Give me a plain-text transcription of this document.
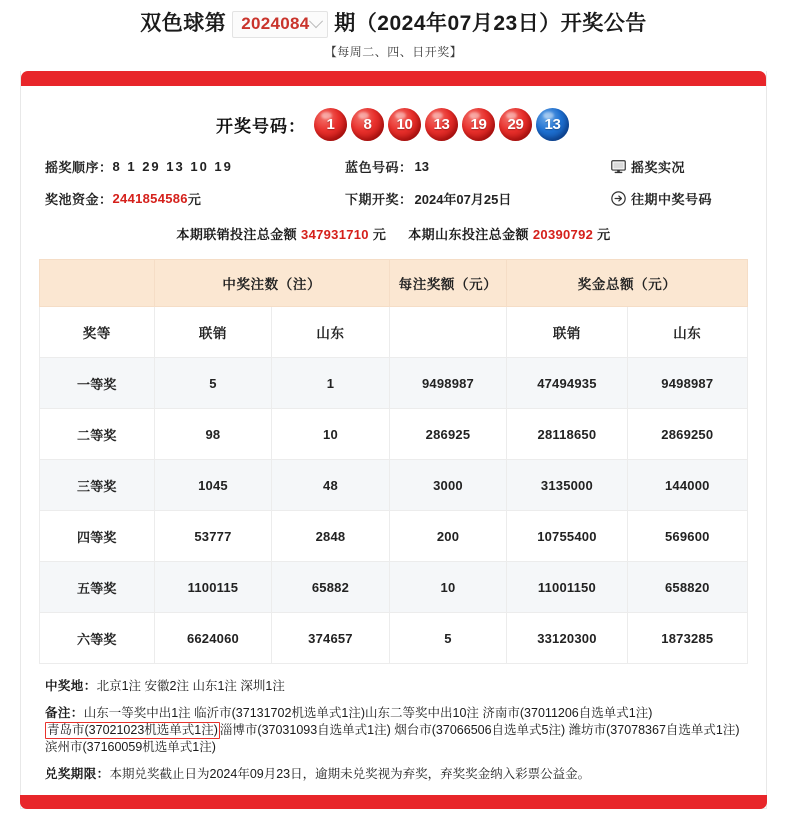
双色球第 2024084 期（2024年07月23日）开奖公告
【每周二、四、日开奖】
开奖号码： 1 8 10 13 19 29 13
摇奖顺序： 8 1 29 13 10 19	蓝色号码： 13	摇奖实况
奖池资金： 2441854586 元	下期开奖： 2024年07月25日	往期中奖号码
本期联销投注总金额 347931710 元 本期山东投注总金额 20390792 元
	中奖注数（注）		每注奖额（元）	奖金总额（元）	
奖等	联销	山东		联销	山东
一等奖	5	1	9498987	47494935	9498987
二等奖	98	10	286925	28118650	2869250
三等奖	1045	48	3000	3135000	144000
四等奖	53777	2848	200	10755400	569600
五等奖	1100115	65882	10	11001150	658820
六等奖	6624060	374657	5	33120300	1873285
中奖地：北京1注 安徽2注 山东1注 深圳1注
备注：山东一等奖中出1注 临沂市(37131702机选单式1注)山东二等奖中出10注 济南市(37011206自选单式1注)青岛市(37021023机选单式1注) 淄博市(37031093自选单式1注) 烟台市(37066506自选单式5注) 潍坊市(37078367自选单式1注) 滨州市(37160059机选单式1注)
兑奖期限：本期兑奖截止日为2024年09月23日，逾期未兑奖视为弃奖，弃奖奖金纳入彩票公益金。
